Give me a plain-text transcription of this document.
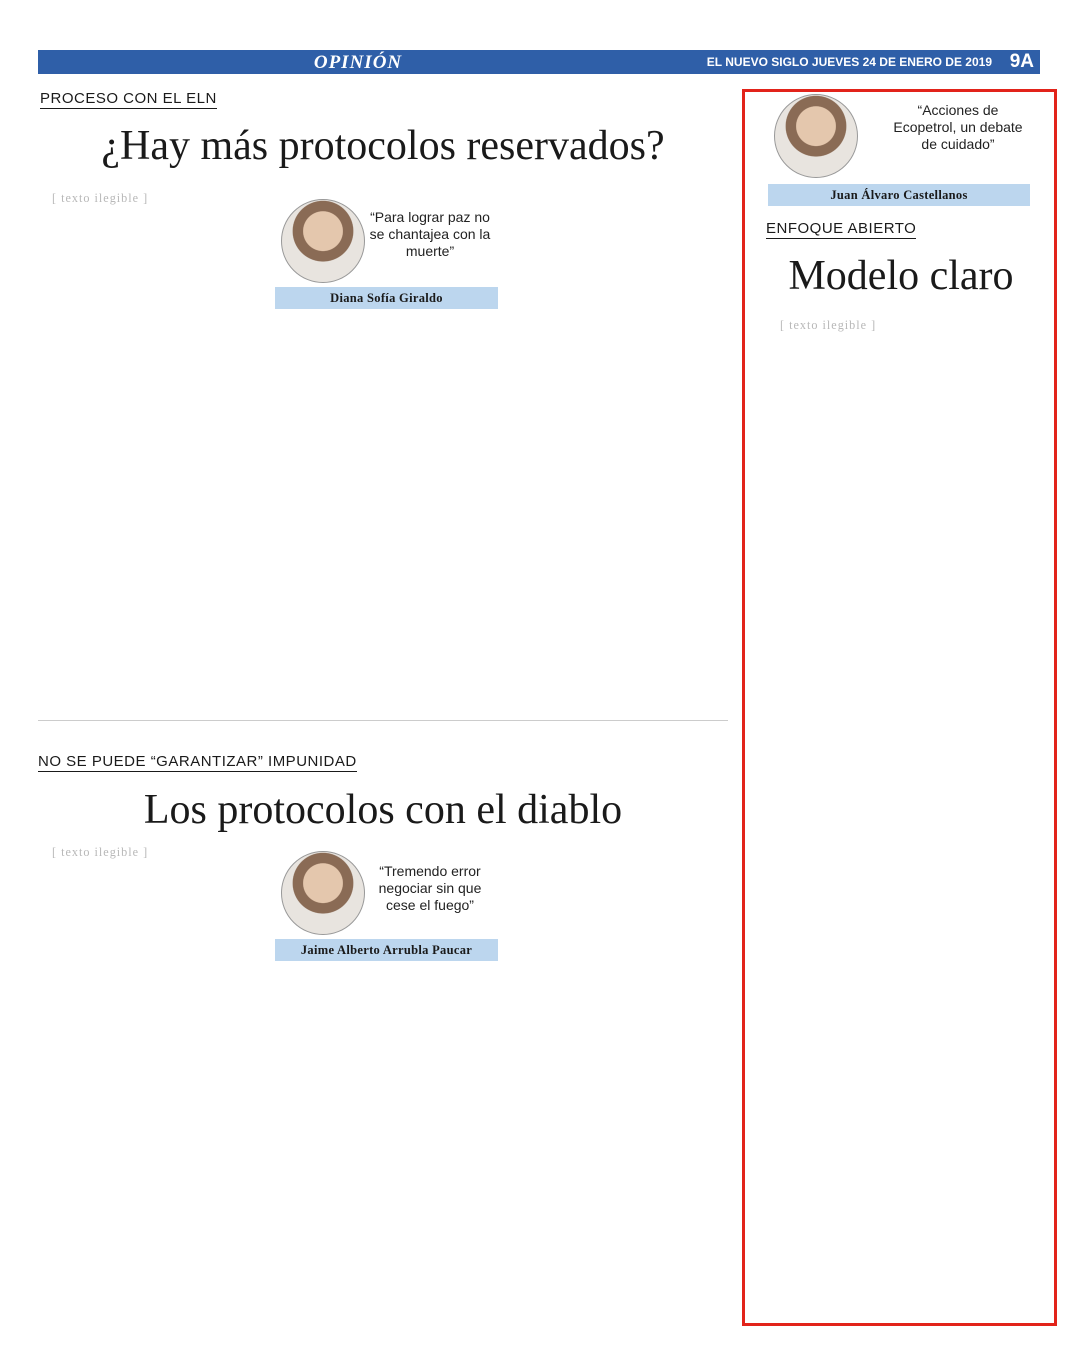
OPINIÓN	EL NUEVO SIGLO JUEVES 24 DE ENERO DE 2019 9A
PROCESO CON EL ELN
¿Hay más protocolos reservados?

[ texto ilegible ]

“Para lograr paz no se chantajea con la muerte”
Diana Sofía Giraldo
NO SE PUEDE “GARANTIZAR” IMPUNIDAD
Los protocolos con el diablo

[ texto ilegible ]

“Tremendo error negociar sin que cese el fuego”
Jaime Alberto Arrubla Paucar
“Acciones de Ecopetrol, un debate de cuidado”
Juan Álvaro Castellanos
ENFOQUE ABIERTO
Modelo claro

[ texto ilegible ]
